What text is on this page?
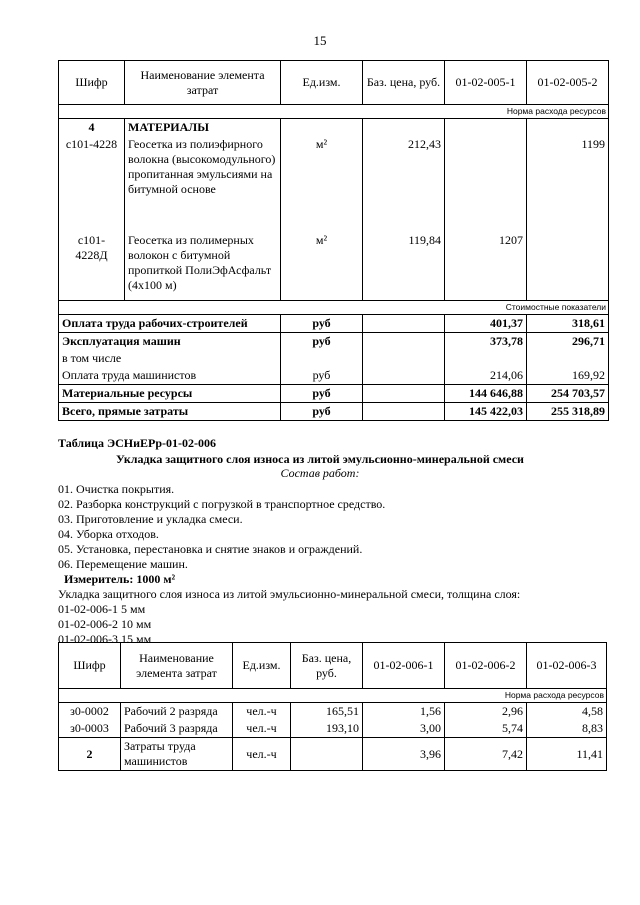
15
Шифр	Наименование элемента затрат	Ед.изм.	Баз. цена, руб.	01-02-005-1	01-02-005-2
Норма расхода ресурсов					
4	МАТЕРИАЛЫ				
с101-4228	Геосетка из полиэфирного волокна (высокомодульного) пропитанная эмульсиями на битумной основе	м²	212,43		1199
с101-4228Д	Геосетка из полимерных волокон с битумной пропиткой ПолиЭфАсфальт (4х100 м)	м²	119,84	1207	
Стоимостные показатели					
Оплата труда рабочих-строителей		руб		401,37	318,61
Эксплуатация машин		руб		373,78	296,71
в том числе					
Оплата труда машинистов		руб		214,06	169,92
Материальные ресурсы		руб		144 646,88	254 703,57
Всего, прямые затраты		руб		145 422,03	255 318,89
Таблица ЭСНиЕРр-01-02-006
Укладка защитного слоя износа из литой эмульсионно-минеральной смеси
Состав работ:
01. Очистка покрытия.
02. Разборка конструкций с погрузкой в транспортное средство.
03. Приготовление и укладка смеси.
04. Уборка отходов.
05. Установка, перестановка и снятие знаков и ограждений.
06. Перемещение машин.
Измеритель: 1000 м²
Укладка защитного слоя износа из литой эмульсионно-минеральной смеси, толщина слоя:
01-02-006-1 5 мм
01-02-006-2 10 мм
01-02-006-3 15 мм
Шифр	Наименование элемента затрат	Ед.изм.	Баз. цена, руб.	01-02-006-1	01-02-006-2	01-02-006-3
Норма расхода ресурсов						
з0-0002	Рабочий 2 разряда	чел.-ч	165,51	1,56	2,96	4,58
з0-0003	Рабочий 3 разряда	чел.-ч	193,10	3,00	5,74	8,83
2	Затраты труда машинистов	чел.-ч		3,96	7,42	11,41
